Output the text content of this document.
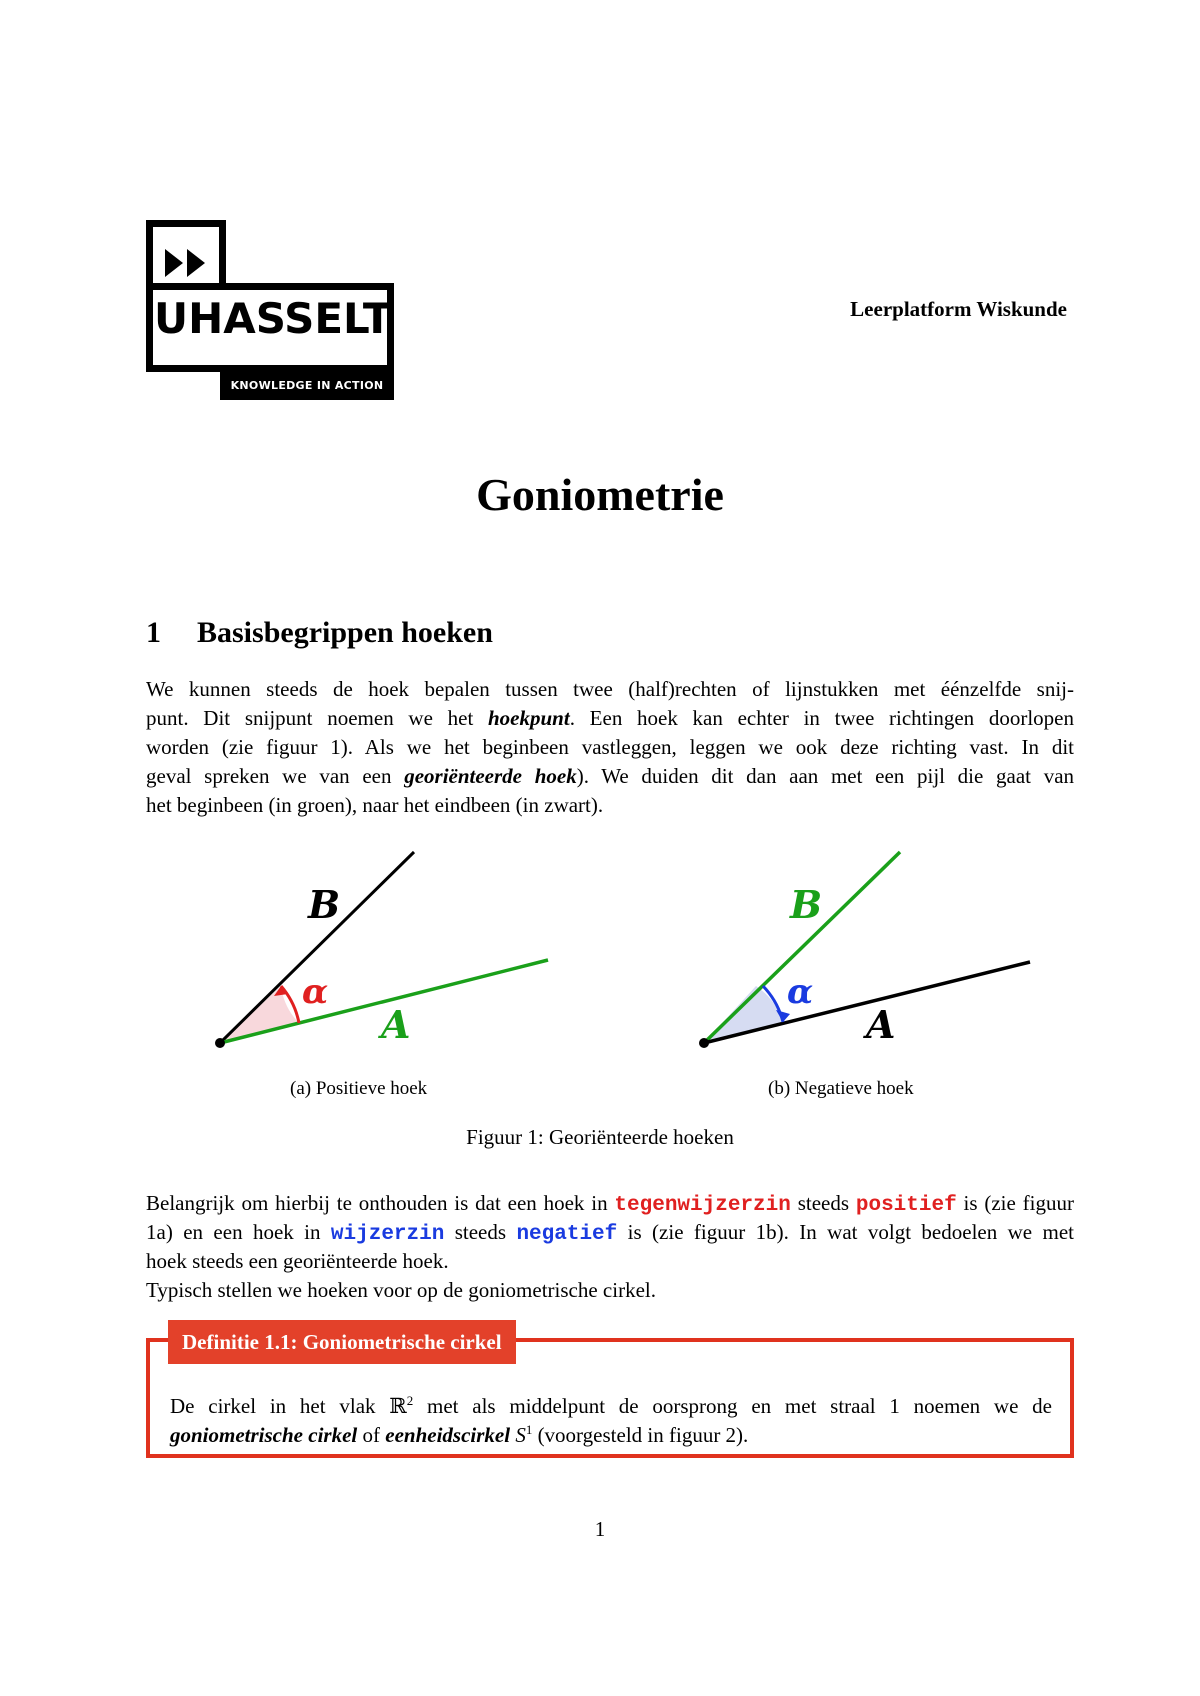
UHASSELT
KNOWLEDGE IN ACTION
Leerplatform Wiskunde
Goniometrie
1 Basisbegrippen hoeken
We kunnen steeds de hoek bepalen tussen twee (half)rechten of lijnstukken met éénzelfde snij-
punt. Dit snijpunt noemen we het hoekpunt. Een hoek kan echter in twee richtingen doorlopen
worden (zie figuur 1). Als we het beginbeen vastleggen, leggen we ook deze richting vast. In dit
geval spreken we van een georiënteerde hoek). We duiden dit dan aan met een pijl die gaat van
het beginbeen (in groen), naar het eindbeen (in zwart).
B
α
A
B
α
A
(a) Positieve hoek	(b) Negatieve hoek
Figuur 1: Georiënteerde hoeken
Belangrijk om hierbij te onthouden is dat een hoek in tegenwijzerzin steeds positief is (zie figuur
1a) en een hoek in wijzerzin steeds negatief is (zie figuur 1b). In wat volgt bedoelen we met
hoek steeds een georiënteerde hoek.
Typisch stellen we hoeken voor op de goniometrische cirkel.
Definitie 1.1: Goniometrische cirkel
De cirkel in het vlak ℝ$^2$ met als middelpunt de oorsprong en met straal 1 noemen we de
goniometrische cirkel of eenheidscirkel $S^1$ (voorgesteld in figuur 2).
1
